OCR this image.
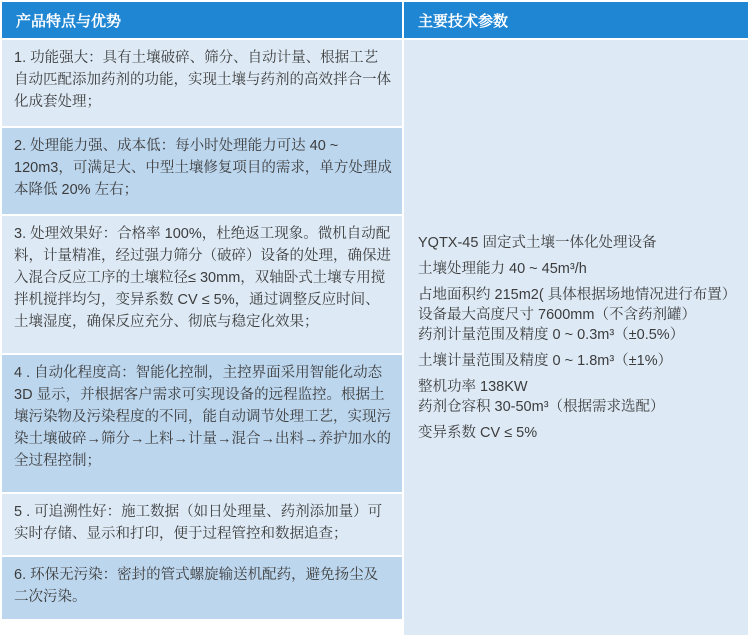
产品特点与优势	主要技术参数
1. 功能强大：具有土壤破碎、筛分、自动计量、根据工艺自动匹配添加药剂的功能，实现土壤与药剂的高效拌合一体化成套处理；
2. 处理能力强、成本低：每小时处理能力可达 40 ~ 120m3，可满足大、中型土壤修复项目的需求，单方处理成本降低 20% 左右；
3. 处理效果好：合格率 100%，杜绝返工现象。微机自动配料，计量精准，经过强力筛分（破碎）设备的处理，确保进入混合反应工序的土壤粒径≤ 30mm，双轴卧式土壤专用搅拌机搅拌均匀，变异系数 CV ≤ 5%，通过调整反应时间、土壤湿度，确保反应充分、彻底与稳定化效果；
4 . 自动化程度高：智能化控制，主控界面采用智能化动态 3D 显示，并根据客户需求可实现设备的远程监控。根据土壤污染物及污染程度的不同，能自动调节处理工艺，实现污染土壤破碎→筛分→上料→计量→混合→出料→养护加水的全过程控制；
5 . 可追溯性好：施工数据（如日处理量、药剂添加量）可实时存储、显示和打印，便于过程管控和数据追查；
6. 环保无污染：密封的管式螺旋输送机配药，避免扬尘及二次污染。
YQTX-45 固定式土壤一体化处理设备
土壤处理能力 40 ~ 45m³/h
占地面积约 215m2( 具体根据场地情况进行布置）
设备最大高度尺寸 7600mm（不含药剂罐）
药剂计量范围及精度 0 ~ 0.3m³（±0.5%）
土壤计量范围及精度 0 ~ 1.8m³（±1%）
整机功率 138KW
药剂仓容积 30-50m³（根据需求选配）
变异系数 CV ≤ 5%
